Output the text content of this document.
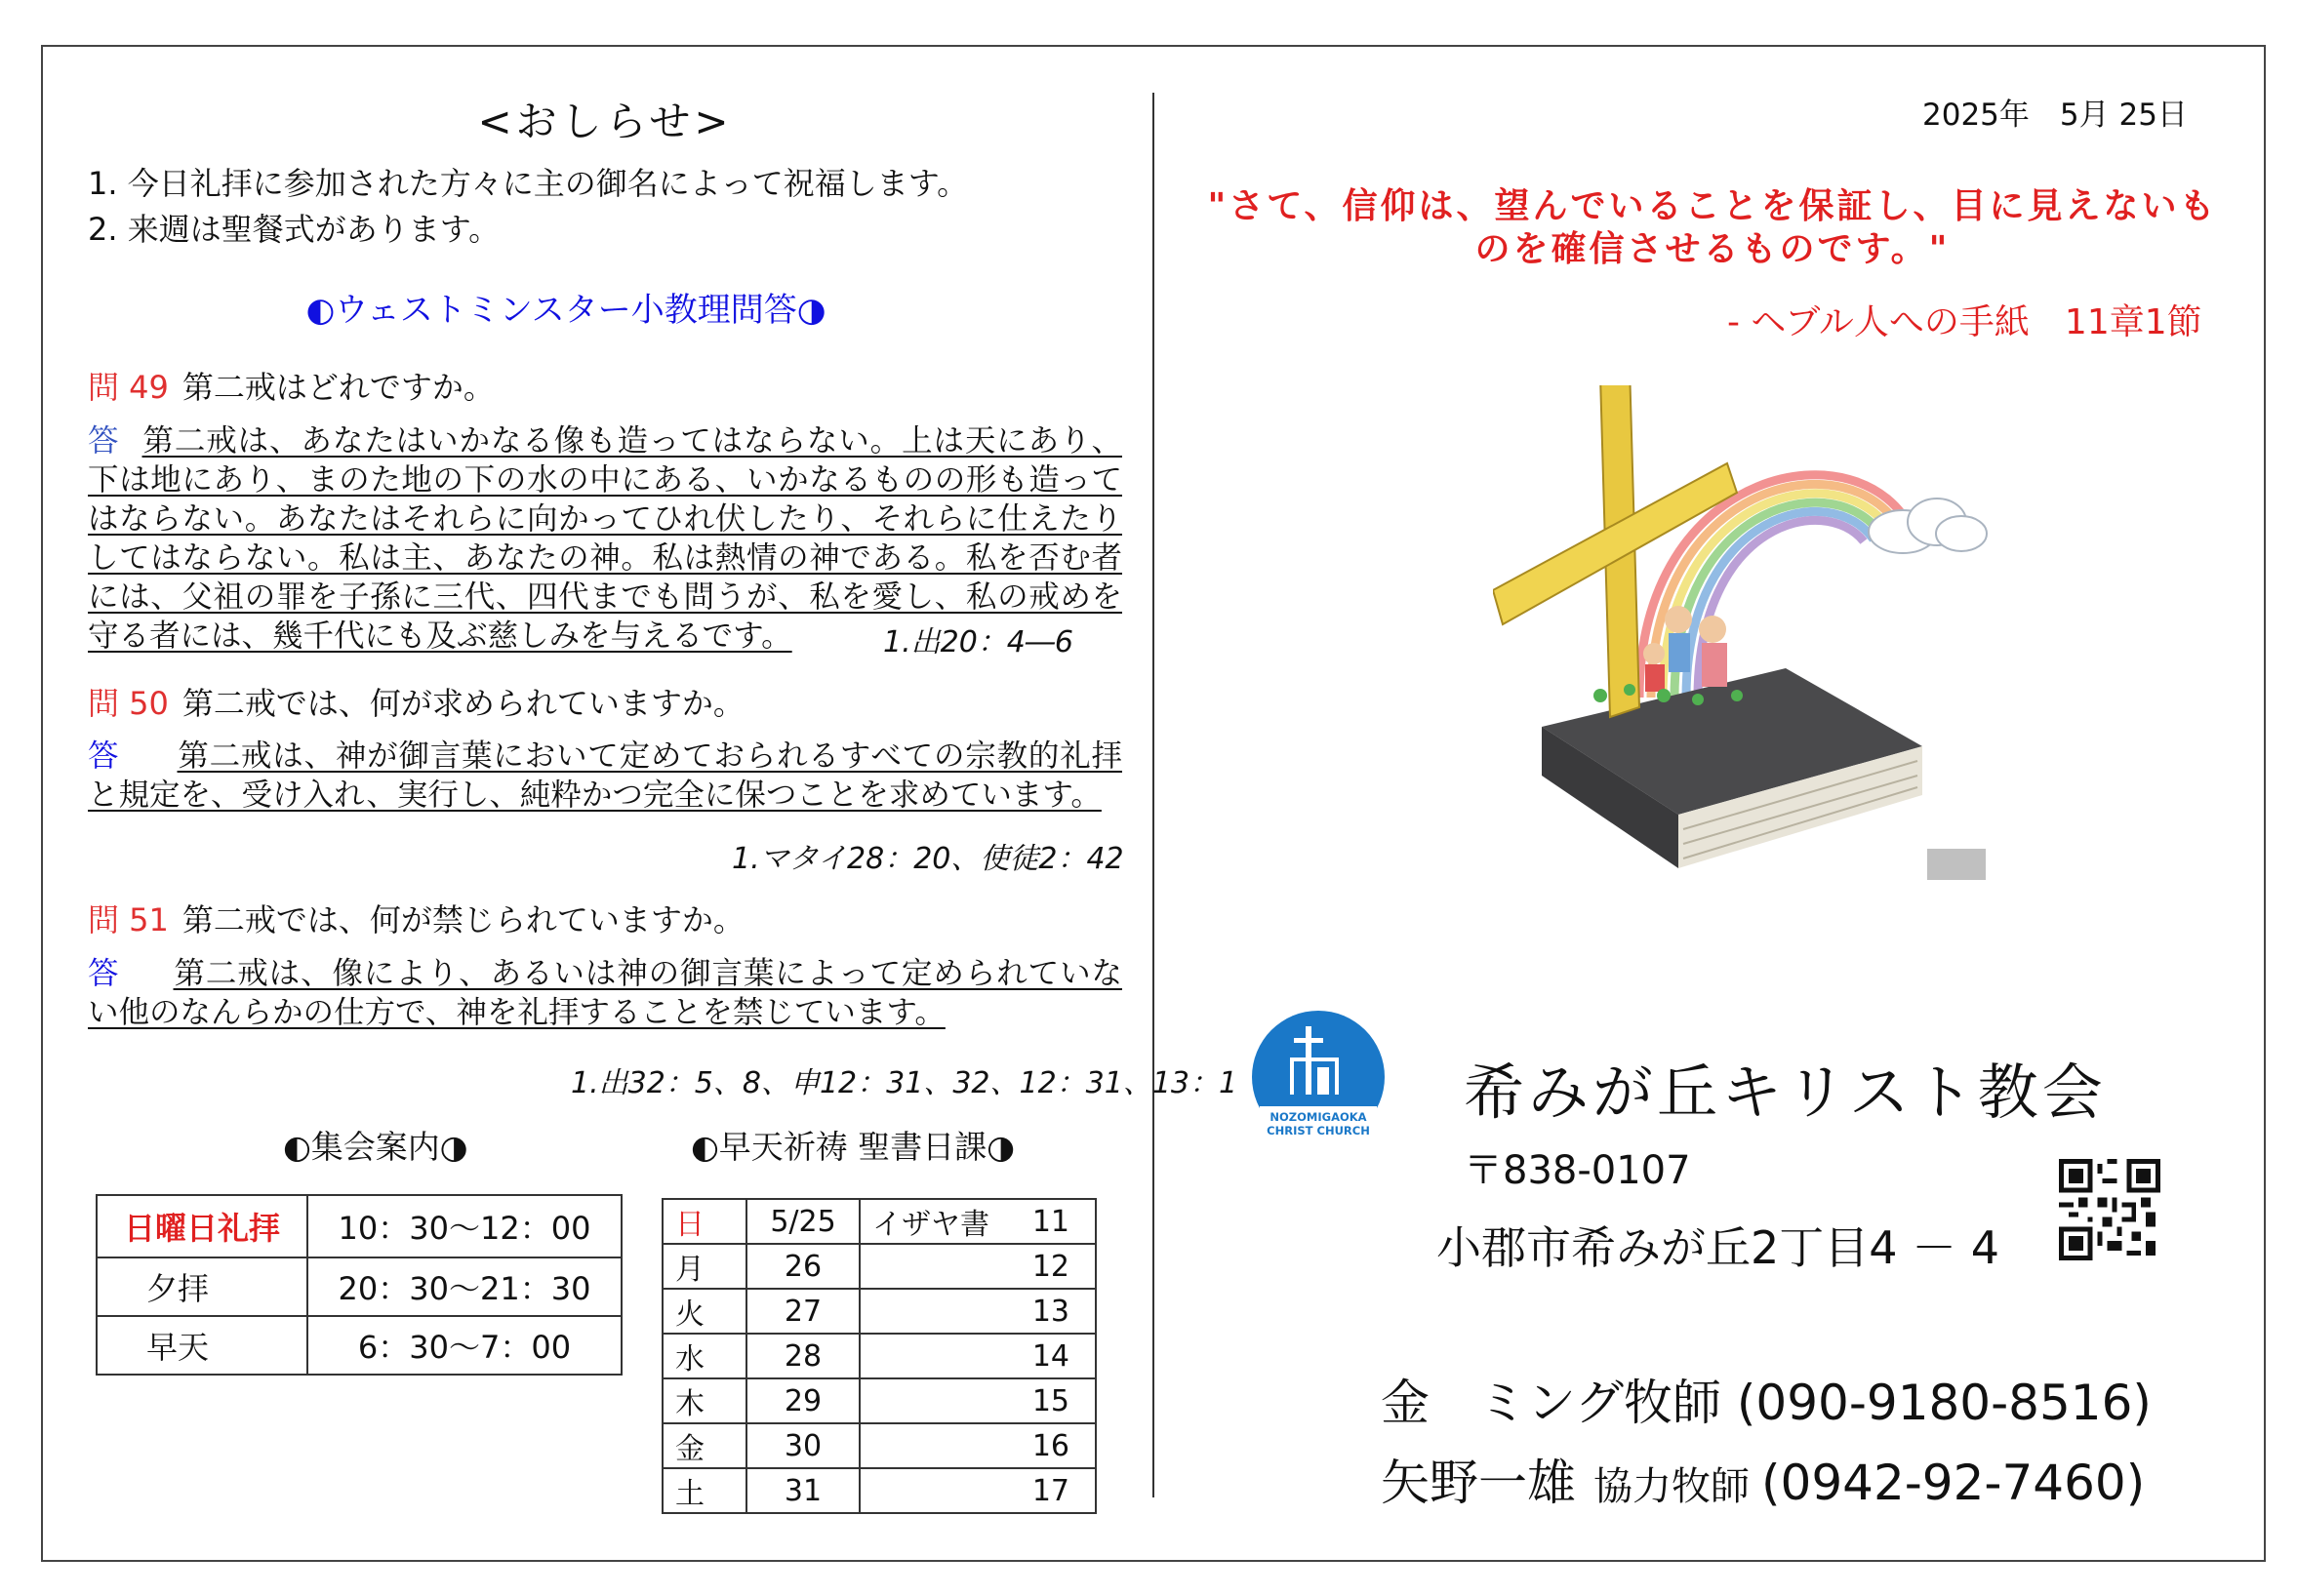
<おしらせ>
1. 今日礼拝に参加された方々に主の御名によって祝福します。
2. 来週は聖餐式があります。
◐ウェストミンスター小教理問答◑
問 49 第二戒はどれですか。
答 第二戒は、あなたはいかなる像も造ってはならない。上は天にあり、下は地にあり、まのた地の下の水の中にある、いかなるものの形も造ってはならない。あなたはそれらに向かってひれ伏したり、それらに仕えたりしてはならない。私は主、あなたの神。私は熱情の神である。私を否む者には、父祖の罪を子孫に三代、四代までも問うが、私を愛し、私の戒めを守る者には、幾千代にも及ぶ慈しみを与えるです。	1.出20：4―6
問 50 第二戒では、何が求められていますか。
答 第二戒は、神が御言葉において定めておられるすべての宗教的礼拝と規定を、受け入れ、実行し、純粋かつ完全に保つことを求めています。
1.マタイ28：20、使徒2：42
問 51 第二戒では、何が禁じられていますか。
答 第二戒は、像により、あるいは神の御言葉によって定められていない他のなんらかの仕方で、神を礼拝することを禁じています。
1.出32：5、8、申12：31、32、12：31、13：1
◐集会案内◑
日曜日礼拝	10：30～12：00
夕拝	20：30～21：30
早天	6：30～7：00
◐早天祈祷 聖書日課◑
日	5/25	イザヤ書	11
月	26		12
火	27		13
水	28		14
木	29		15
金	30		16
土	31		17
2025年　5月 25日
"さて、信仰は、望んでいることを保証し、目に見えないものを確信させるものです。"
- ヘブル人への手紙　11章1節
NOZOMIGAOKA
CHRIST CHURCH
希みが丘キリスト教会
〒838-0107
小郡市希みが丘2丁目4 － 4
金　ミング牧師 (090-9180-8516)
矢野一雄 協力牧師 (0942-92-7460)
